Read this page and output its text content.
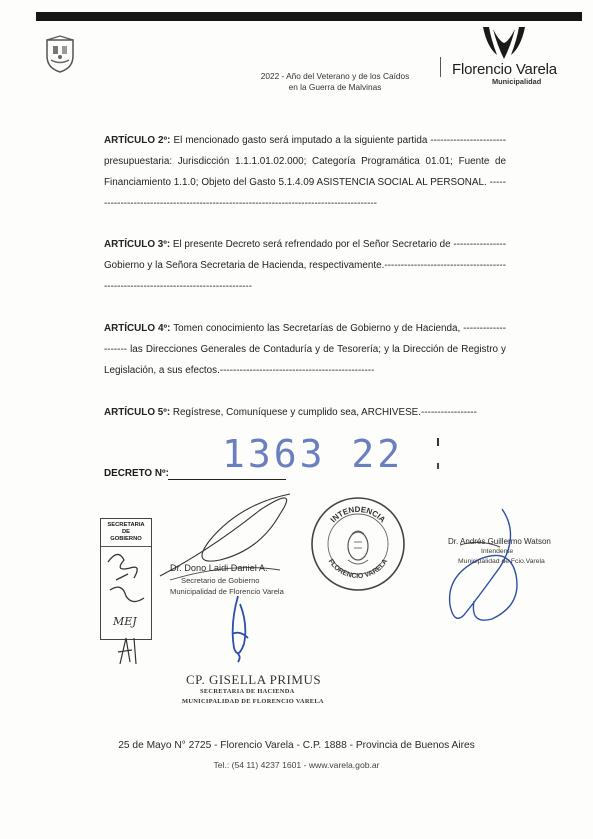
2022 - Año del Veterano y de los Caídos
en la Guerra de Malvinas
Florencio Varela
Municipalidad
ARTÍCULO 2º: El mencionado gasto será imputado a la siguiente partida ----------------------- presupuestaria: Jurisdicción 1.1.1.01.02.000; Categoría Programática 01.01; Fuente de Financiamiento 1.1.0; Objeto del Gasto 5.1.4.09 ASISTENCIA SOCIAL AL PERSONAL. ----------------------------------------------------------------------------------------
ARTÍCULO 3º: El presente Decreto será refrendado por el Señor Secretario de ---------------- Gobierno y la Señora Secretaria de Hacienda, respectivamente.----------------------------------------------------------------------------------
ARTÍCULO 4º: Tomen conocimiento las Secretarías de Gobierno y de Hacienda, -------------------- las Direcciones Generales de Contaduría y de Tesorería; y la Dirección de Registro y Legislación, a sus efectos.-----------------------------------------------
ARTÍCULO 5º: Regístrese, Comuníquese y cumplido sea, ARCHIVESE.-----------------
1363 22
DECRETO Nº:
SECRETARIA
DE
GOBIERNO
MEJ
Dr. Dono Laidi Daniel A.
Secretario de Gobierno
Municipalidad de Florencio Varela
INTENDENCIA
FLORENCIO VARELA
Dr. Andrés Guillermo Watson
Intendente
Municipalidad de Fcio.Varela
CP. GISELLA PRIMUS
SECRETARIA DE HACIENDA
MUNICIPALIDAD DE FLORENCIO VARELA
25 de Mayo N° 2725 - Florencio Varela - C.P. 1888 - Provincia de Buenos Aires
Tel.: (54 11) 4237 1601 - www.varela.gob.ar
